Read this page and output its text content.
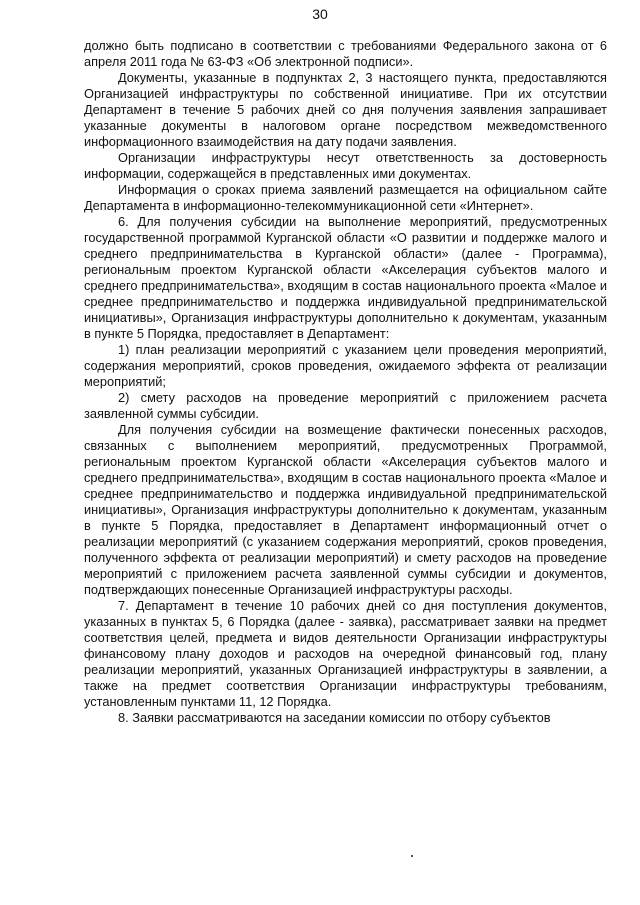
30

должно быть подписано в соответствии с требованиями Федерального закона от 6 апреля 2011 года № 63-ФЗ «Об электронной подписи».

Документы, указанные в подпунктах 2, 3 настоящего пункта, предоставляются Организацией инфраструктуры по собственной инициативе. При их отсутствии Департамент в течение 5 рабочих дней со дня получения заявления запрашивает указанные документы в налоговом органе посредством межведомственного информационного взаимодействия на дату подачи заявления.

Организации инфраструктуры несут ответственность за достоверность информации, содержащейся в представленных ими документах.

Информация о сроках приема заявлений размещается на официальном сайте Департамента в информационно-телекоммуникационной сети «Интернет».

6. Для получения субсидии на выполнение мероприятий, предусмотренных государственной программой Курганской области «О развитии и поддержке малого и среднего предпринимательства в Курганской области» (далее - Программа), региональным проектом Курганской области «Акселерация субъектов малого и среднего предпринимательства», входящим в состав национального проекта «Малое и среднее предпринимательство и поддержка индивидуальной предпринимательской инициативы», Организация инфраструктуры дополнительно к документам, указанным в пункте 5 Порядка, предоставляет в Департамент:

1) план реализации мероприятий с указанием цели проведения мероприятий, содержания мероприятий, сроков проведения, ожидаемого эффекта от реализации мероприятий;

2) смету расходов на проведение мероприятий с приложением расчета заявленной суммы субсидии.

Для получения субсидии на возмещение фактически понесенных расходов, связанных с выполнением мероприятий, предусмотренных Программой, региональным проектом Курганской области «Акселерация субъектов малого и среднего предпринимательства», входящим в состав национального проекта «Малое и среднее предпринимательство и поддержка индивидуальной предпринимательской инициативы», Организация инфраструктуры дополнительно к документам, указанным в пункте 5 Порядка, предоставляет в Департамент информационный отчет о реализации мероприятий (с указанием содержания мероприятий, сроков проведения, полученного эффекта от реализации мероприятий) и смету расходов на проведение мероприятий с приложением расчета заявленной суммы субсидии и документов, подтверждающих понесенные Организацией инфраструктуры расходы.

7. Департамент в течение 10 рабочих дней со дня поступления документов, указанных в пунктах 5, 6 Порядка (далее - заявка), рассматривает заявки на предмет соответствия целей, предмета и видов деятельности Организации инфраструктуры финансовому плану доходов и расходов на очередной финансовый год, плану реализации мероприятий, указанных Организацией инфраструктуры в заявлении, а также на предмет соответствия Организации инфраструктуры требованиям, установленным пунктами 11, 12 Порядка.

8. Заявки рассматриваются на заседании комиссии по отбору субъектов
